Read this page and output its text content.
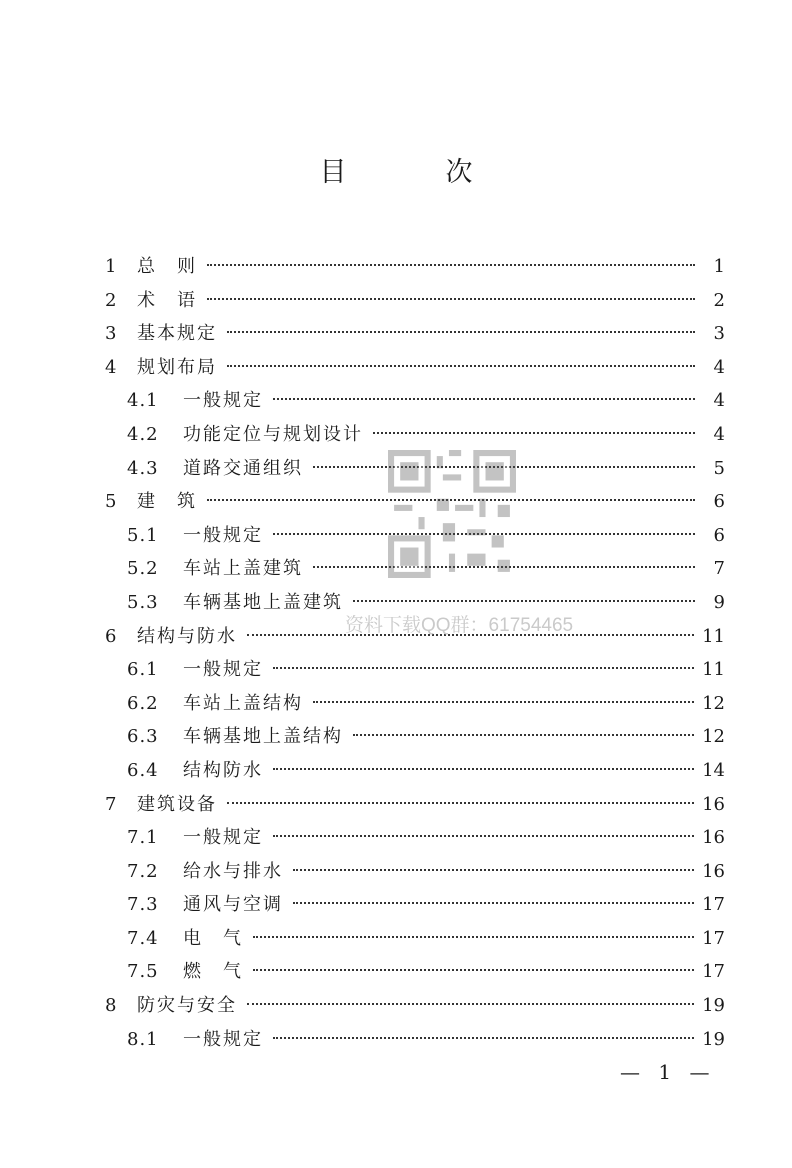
目　次
1	总　则	1
2	术　语	2
3	基本规定	3
4	规划布局	4
4.1	一般规定	4
4.2	功能定位与规划设计	4
4.3	道路交通组织	5
5	建　筑	6
5.1	一般规定	6
5.2	车站上盖建筑	7
5.3	车辆基地上盖建筑	9
6	结构与防水	11
6.1	一般规定	11
6.2	车站上盖结构	12
6.3	车辆基地上盖结构	12
6.4	结构防水	14
7	建筑设备	16
7.1	一般规定	16
7.2	给水与排水	16
7.3	通风与空调	17
7.4	电　气	17
7.5	燃　气	17
8	防灾与安全	19
8.1	一般规定	19
资料下载QQ群：61754465
— 1 —
